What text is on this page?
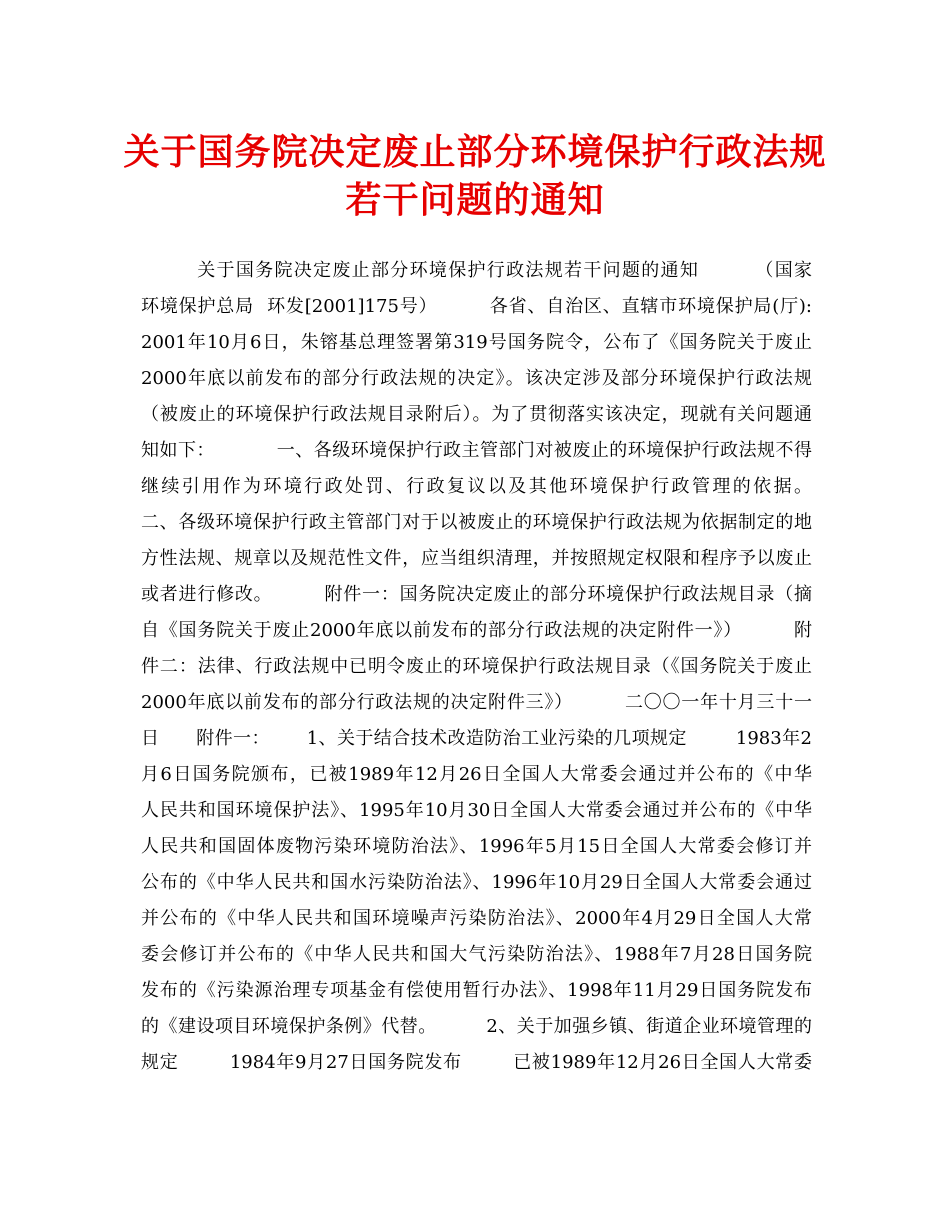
关于国务院决定废止部分环境保护行政法规
若干问题的通知
关于国务院决定废止部分环境保护行政法规若干问题的通知        （国家
环境保护总局  环发[2001]175号）        各省、自治区、直辖市环境保护局(厅):
2001年10月6日，朱镕基总理签署第319号国务院令，公布了《国务院关于废止
2000年底以前发布的部分行政法规的决定》。该决定涉及部分环境保护行政法规
（被废止的环境保护行政法规目录附后）。为了贯彻落实该决定，现就有关问题通
知如下：          一、各级环境保护行政主管部门对被废止的环境保护行政法规不得
继续引用作为环境行政处罚、行政复议以及其他环境保护行政管理的依据。
二、各级环境保护行政主管部门对于以被废止的环境保护行政法规为依据制定的地
方性法规、规章以及规范性文件，应当组织清理，并按照规定权限和程序予以废止
或者进行修改。        附件一：国务院决定废止的部分环境保护行政法规目录（摘
自《国务院关于废止2000年底以前发布的部分行政法规的决定附件一》）        附
件二：法律、行政法规中已明令废止的环境保护行政法规目录（《国务院关于废止
2000年底以前发布的部分行政法规的决定附件三》）        二〇〇一年十月三十一
日      附件一：      1、关于结合技术改造防治工业污染的几项规定        1983年2
月6日国务院颁布，已被1989年12月26日全国人大常委会通过并公布的《中华
人民共和国环境保护法》、1995年10月30日全国人大常委会通过并公布的《中华
人民共和国固体废物污染环境防治法》、1996年5月15日全国人大常委会修订并
公布的《中华人民共和国水污染防治法》、1996年10月29日全国人大常委会通过
并公布的《中华人民共和国环境噪声污染防治法》、2000年4月29日全国人大常
委会修订并公布的《中华人民共和国大气污染防治法》、1988年7月28日国务院
发布的《污染源治理专项基金有偿使用暂行办法》、1998年11月29日国务院发布
的《建设项目环境保护条例》代替。        2、关于加强乡镇、街道企业环境管理的
规定        1984年9月27日国务院发布        已被1989年12月26日全国人大常委
